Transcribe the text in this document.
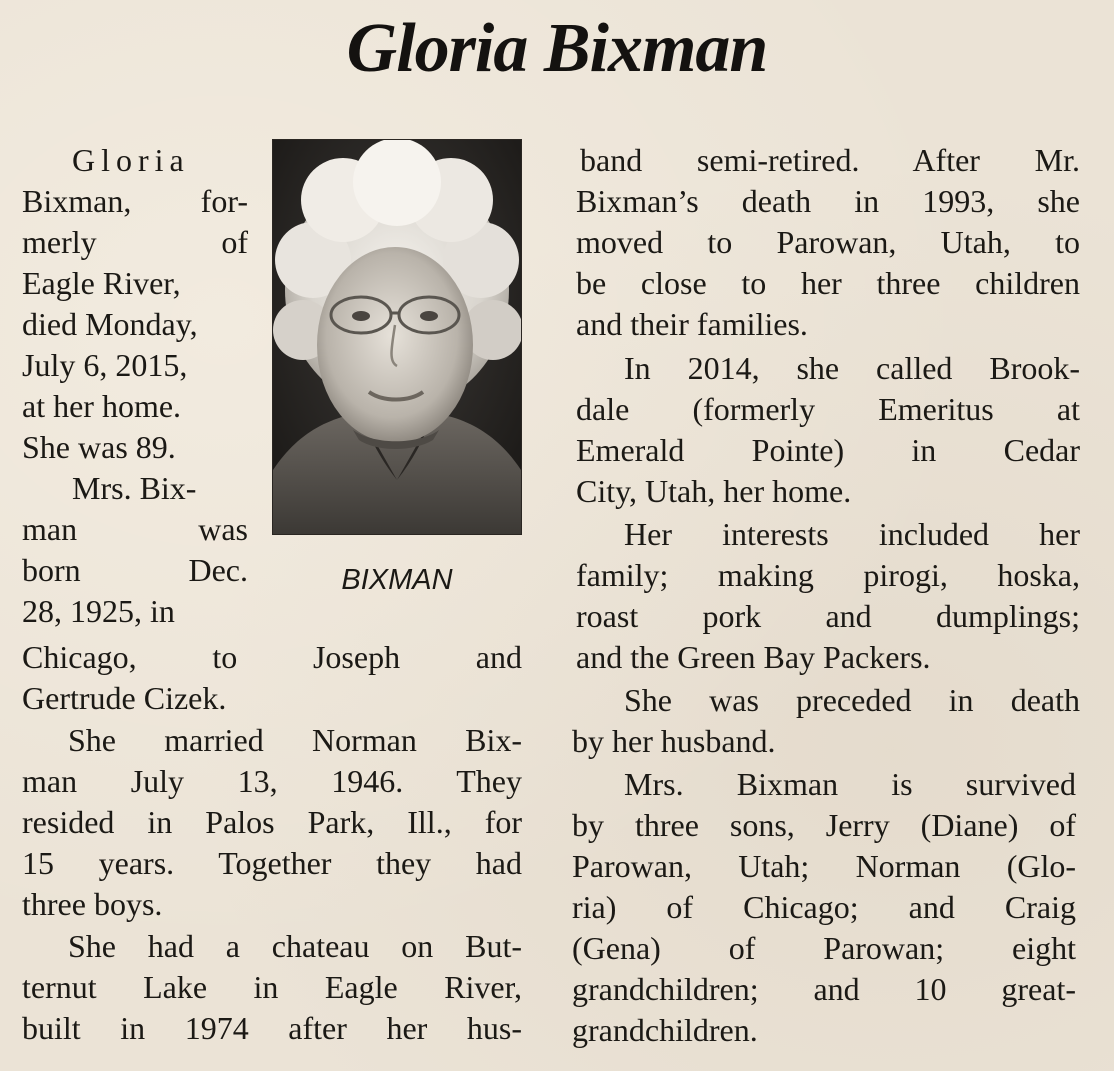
Gloria Bixman
Gloria
Bixman, for-
merly of
Eagle River,
died Monday,
July 6, 2015,
at her home.
She was 89.
Mrs. Bix-
man was
born Dec.
28, 1925, in
Chicago, to Joseph and
Gertrude Cizek.
She married Norman Bix-
man July 13, 1946. They
resided in Palos Park, Ill., for
15 years. Together they had
three boys.
She had a chateau on But-
ternut Lake in Eagle River,
built in 1974 after her hus-
BIXMAN
band semi-retired. After Mr.
Bixman’s death in 1993, she
moved to Parowan, Utah, to
be close to her three children
and their families.
In 2014, she called Brook-
dale (formerly Emeritus at
Emerald Pointe) in Cedar
City, Utah, her home.
Her interests included her
family; making pirogi, hoska,
roast pork and dumplings;
and the Green Bay Packers.
She was preceded in death
by her husband.
Mrs. Bixman is survived
by three sons, Jerry (Diane) of
Parowan, Utah; Norman (Glo-
ria) of Chicago; and Craig
(Gena) of Parowan; eight
grandchildren; and 10 great-
grandchildren.
